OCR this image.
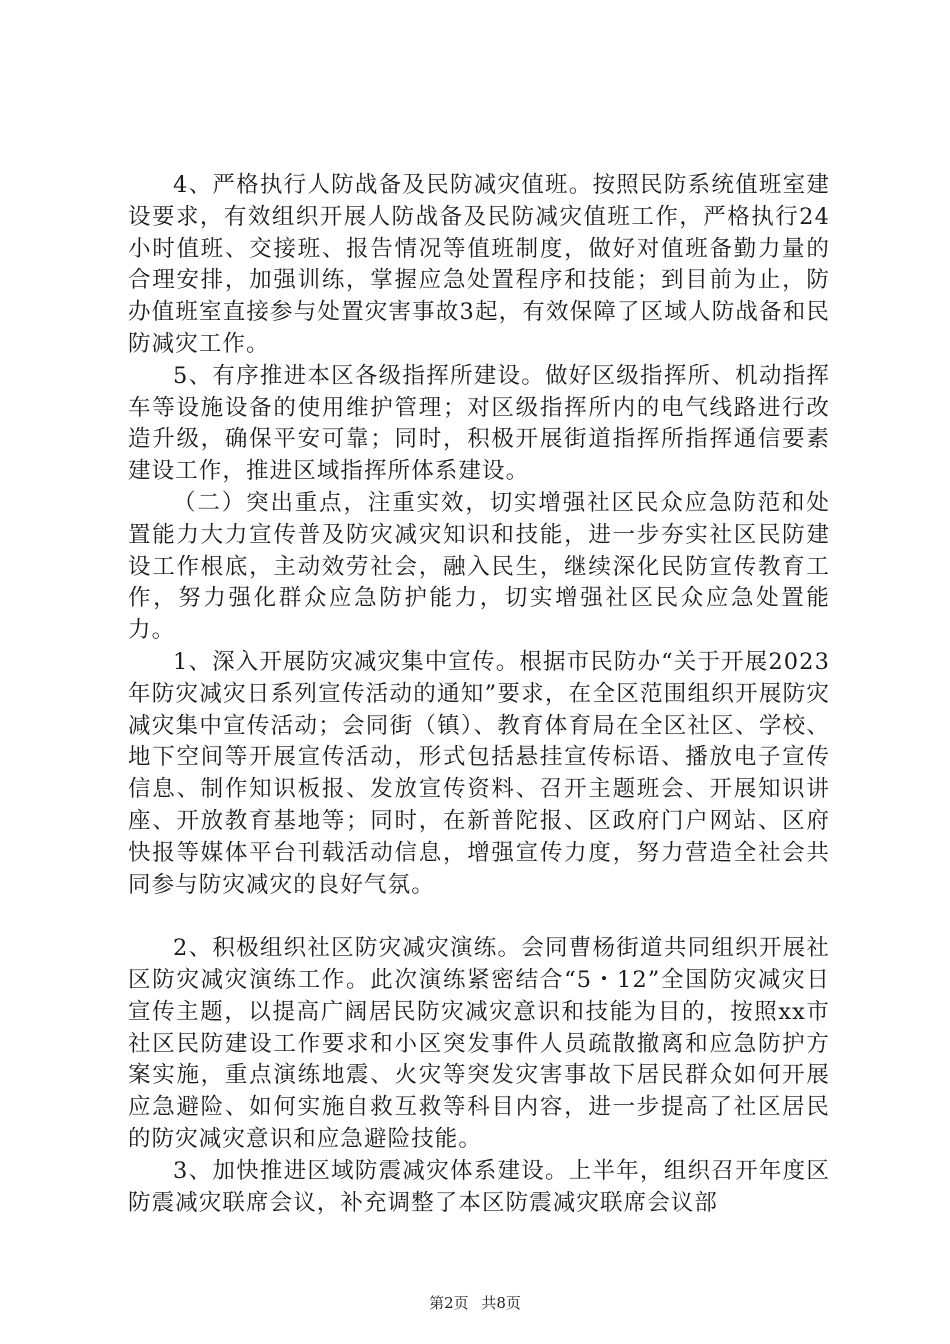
4、严格执行人防战备及民防减灾值班。按照民防系统值班室建设要求，有效组织开展人防战备及民防减灾值班工作，严格执行24小时值班、交接班、报告情况等值班制度，做好对值班备勤力量的合理安排，加强训练，掌握应急处置程序和技能；到目前为止，防办值班室直接参与处置灾害事故3起，有效保障了区域人防战备和民防减灾工作。

5、有序推进本区各级指挥所建设。做好区级指挥所、机动指挥车等设施设备的使用维护管理；对区级指挥所内的电气线路进行改造升级，确保平安可靠；同时，积极开展街道指挥所指挥通信要素建设工作，推进区域指挥所体系建设。

（二）突出重点，注重实效，切实增强社区民众应急防范和处置能力大力宣传普及防灾减灾知识和技能，进一步夯实社区民防建设工作根底，主动效劳社会，融入民生，继续深化民防宣传教育工作，努力强化群众应急防护能力，切实增强社区民众应急处置能力。

1、深入开展防灾减灾集中宣传。根据市民防办“关于开展2023年防灾减灾日系列宣传活动的通知”要求，在全区范围组织开展防灾减灾集中宣传活动；会同街（镇）、教育体育局在全区社区、学校、地下空间等开展宣传活动，形式包括悬挂宣传标语、播放电子宣传信息、制作知识板报、发放宣传资料、召开主题班会、开展知识讲座、开放教育基地等；同时，在新普陀报、区政府门户网站、区府快报等媒体平台刊载活动信息，增强宣传力度，努力营造全社会共同参与防灾减灾的良好气氛。

2、积极组织社区防灾减灾演练。会同曹杨街道共同组织开展社区防灾减灾演练工作。此次演练紧密结合“5・12”全国防灾减灾日宣传主题，以提高广阔居民防灾减灾意识和技能为目的，按照xx市社区民防建设工作要求和小区突发事件人员疏散撤离和应急防护方案实施，重点演练地震、火灾等突发灾害事故下居民群众如何开展应急避险、如何实施自救互救等科目内容，进一步提高了社区居民的防灾减灾意识和应急避险技能。

3、加快推进区域防震减灾体系建设。上半年，组织召开年度区防震减灾联席会议，补充调整了本区防震减灾联席会议部

第2页 共8页
